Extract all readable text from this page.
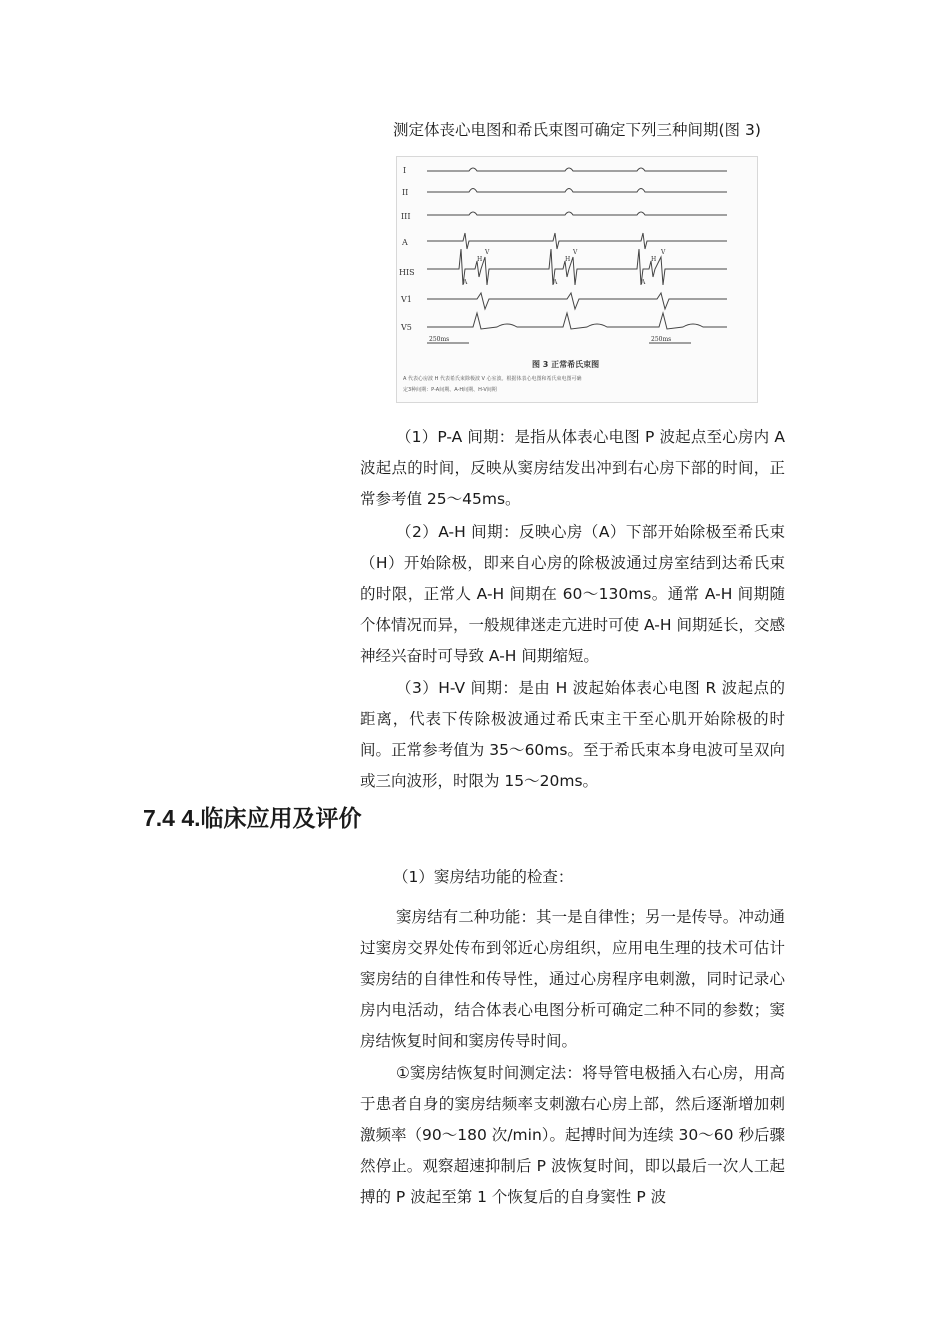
测定体丧心电图和希氏束图可确定下列三种间期(图 3)

I
II
III
A
HIS
V1
V5
H
V
A
H
V
A
H
V
A
250ms	250ms
图 3 正常希氏束图
A 代表心房波 H 代表希氏束除极波 V 心室波。根据体表心电图和希氏束电图可确
定3种间期：P-A间期、A-H间期、H-V间期

（1）P-A 间期：是指从体表心电图 P 波起点至心房内 A 波起点的时间，反映从窦房结发出冲到右心房下部的时间，正常参考值 25～45ms。

（2）A-H 间期：反映心房（A）下部开始除极至希氏束（H）开始除极，即来自心房的除极波通过房室结到达希氏束的时限，正常人 A-H 间期在 60～130ms。通常 A-H 间期随个体情况而异，一般规律迷走亢进时可使 A-H 间期延长，交感神经兴奋时可导致 A-H 间期缩短。

（3）H-V 间期：是由 H 波起始体表心电图 R 波起点的距离，代表下传除极波通过希氏束主干至心肌开始除极的时间。正常参考值为 35～60ms。至于希氏束本身电波可呈双向或三向波形，时限为 15～20ms。

7.4 4.临床应用及评价

（1）窦房结功能的检查：

窦房结有二种功能：其一是自律性；另一是传导。冲动通过窦房交界处传布到邻近心房组织，应用电生理的技术可估计窦房结的自律性和传导性，通过心房程序电刺激，同时记录心房内电活动，结合体表心电图分析可确定二种不同的参数；窦房结恢复时间和窦房传导时间。

①窦房结恢复时间测定法：将导管电极插入右心房，用高于患者自身的窦房结频率支刺激右心房上部，然后逐渐增加刺激频率（90～180 次/min）。起搏时间为连续 30～60 秒后骤然停止。观察超速抑制后 P 波恢复时间，即以最后一次人工起搏的 P 波起至第 1 个恢复后的自身窦性 P 波
